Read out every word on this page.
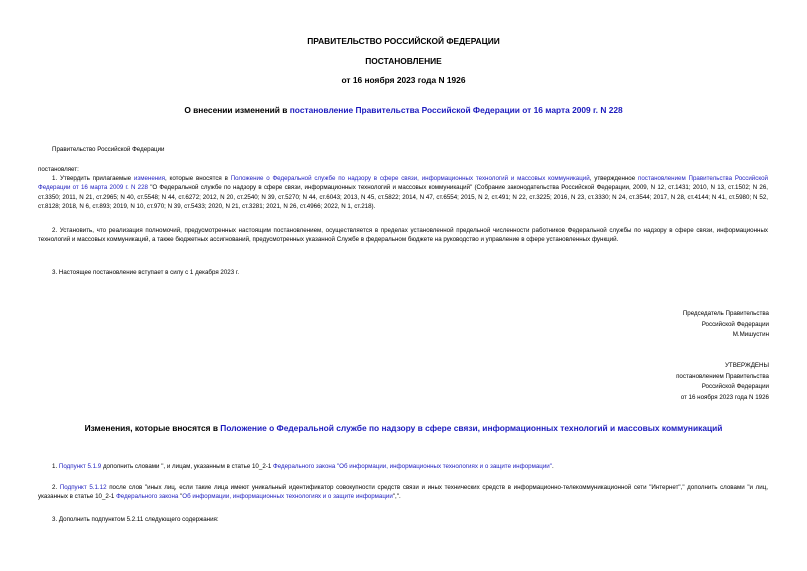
ПРАВИТЕЛЬСТВО РОССИЙСКОЙ ФЕДЕРАЦИИ
ПОСТАНОВЛЕНИЕ
от 16 ноября 2023 года N 1926
О внесении изменений в постановление Правительства Российской Федерации от 16 марта 2009 г. N 228
Правительство Российской Федерации
постановляет:
1. Утвердить прилагаемые изменения, которые вносятся в Положение о Федеральной службе по надзору в сфере связи, информационных технологий и массовых коммуникаций, утвержденное постановлением Правительства Российской Федерации от 16 марта 2009 г. N 228 "О Федеральной службе по надзору в сфере связи, информационных технологий и массовых коммуникаций" (Собрание законодательства Российской Федерации, 2009, N 12, ст.1431; 2010, N 13, ст.1502; N 26, ст.3350; 2011, N 21, ст.2965; N 40, ст.5548; N 44, ст.6272; 2012, N 20, ст.2540; N 39, ст.5270; N 44, ст.6043; 2013, N 45, ст.5822; 2014, N 47, ст.6554; 2015, N 2, ст.491; N 22, ст.3225; 2016, N 23, ст.3330; N 24, ст.3544; 2017, N 28, ст.4144; N 41, ст.5980; N 52, ст.8128; 2018, N 6, ст.893; 2019, N 10, ст.970; N 39, ст.5433; 2020, N 21, ст.3281; 2021, N 26, ст.4966; 2022, N 1, ст.218).
2. Установить, что реализация полномочий, предусмотренных настоящим постановлением, осуществляется в пределах установленной предельной численности работников Федеральной службы по надзору в сфере связи, информационных технологий и массовых коммуникаций, а также бюджетных ассигнований, предусмотренных указанной Службе в федеральном бюджете на руководство и управление в сфере установленных функций.
3. Настоящее постановление вступает в силу с 1 декабря 2023 г.
Председатель Правительства
Российской Федерации
М.Мишустин
УТВЕРЖДЕНЫ
постановлением Правительства
Российской Федерации
от 16 ноября 2023 года N 1926
Изменения, которые вносятся в Положение о Федеральной службе по надзору в сфере связи, информационных технологий и массовых коммуникаций
1. Подпункт 5.1.9 дополнить словами ", и лицам, указанным в статье 10_2-1 Федерального закона "Об информации, информационных технологиях и о защите информации".
2. Подпункт 5.1.12 после слов "иных лиц, если такие лица имеют уникальный идентификатор совокупности средств связи и иных технических средств в информационно-телекоммуникационной сети "Интернет"," дополнить словами "и лиц, указанных в статье 10_2-1 Федерального закона "Об информации, информационных технологиях и о защите информации",".
3. Дополнить подпунктом 5.2.11 следующего содержания:
